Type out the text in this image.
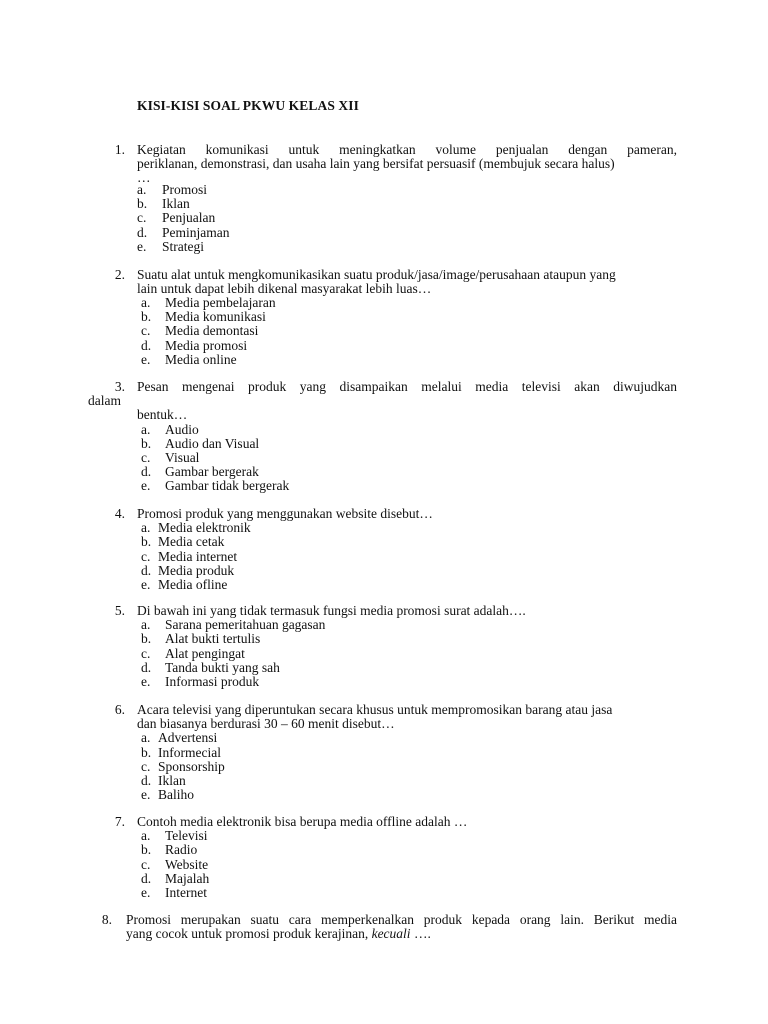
KISI-KISI SOAL PKWU KELAS XII
1. Kegiatan komunikasi untuk meningkatkan volume penjualan dengan pameran,
periklanan, demonstrasi, dan usaha lain yang bersifat persuasif (membujuk secara halus)
…
a. Promosi
b. Iklan
c. Penjualan
d. Peminjaman
e. Strategi
2. Suatu alat untuk mengkomunikasikan suatu produk/jasa/image/perusahaan ataupun yang
lain untuk dapat lebih dikenal masyarakat lebih luas…
a. Media pembelajaran
b. Media komunikasi
c. Media demontasi
d. Media promosi
e. Media online
3. Pesan mengenai produk yang disampaikan melalui media televisi akan diwujudkan
dalam
bentuk…
a. Audio
b. Audio dan Visual
c. Visual
d. Gambar bergerak
e. Gambar tidak bergerak
4. Promosi produk yang menggunakan website disebut…
a. Media elektronik
b. Media cetak
c. Media internet
d. Media produk
e. Media ofline
5. Di bawah ini yang tidak termasuk fungsi media promosi surat adalah….
a. Sarana pemeritahuan gagasan
b. Alat bukti tertulis
c. Alat pengingat
d. Tanda bukti yang sah
e. Informasi produk
6. Acara televisi yang diperuntukan secara khusus untuk mempromosikan barang atau jasa
dan biasanya berdurasi 30 – 60 menit disebut…
a. Advertensi
b. Informecial
c. Sponsorship
d. Iklan
e. Baliho
7. Contoh media elektronik bisa berupa media offline adalah …
a. Televisi
b. Radio
c. Website
d. Majalah
e. Internet
8. Promosi merupakan suatu cara memperkenalkan produk kepada orang lain. Berikut media
yang cocok untuk promosi produk kerajinan, kecuali ….
